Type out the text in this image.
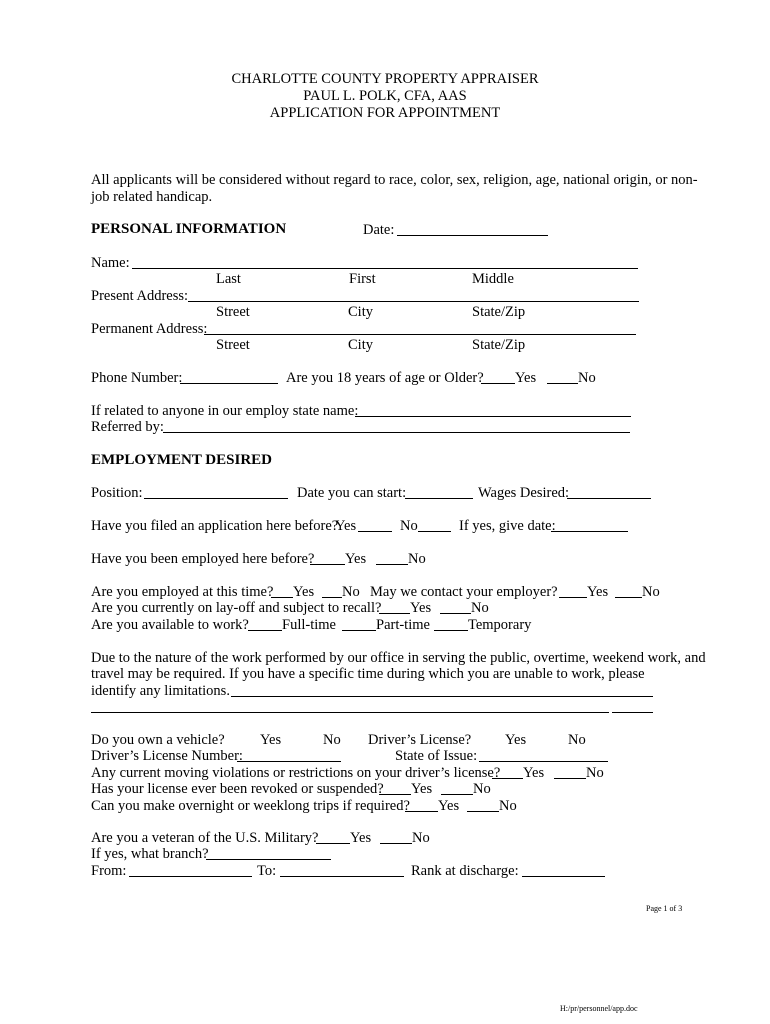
CHARLOTTE COUNTY PROPERTY APPRAISER
PAUL L. POLK, CFA, AAS
APPLICATION FOR APPOINTMENT
All applicants will be considered without regard to race, color, sex, religion, age, national origin, or non-
job related handicap.
PERSONAL INFORMATION	Date:
Name:
Last	First	Middle
Present Address:
Street	City	State/Zip
Permanent Address:
Street	City	State/Zip
Phone Number:	Are you 18 years of age or Older? Yes	No
If related to anyone in our employ state name:
Referred by:
EMPLOYMENT DESIRED
Position:	Date you can start:	Wages Desired:
Have you filed an application here before?
Yes	No	If yes, give date:
Have you been employed here before? Yes	No
Are you employed at this time? Yes No May we contact your employer? Yes No
Are you currently on lay-off and subject to recall? Yes	No
Are you available to work? Full-time	Part-time	Temporary
Due to the nature of the work performed by our office in serving the public, overtime, weekend work, and
travel may be required. If you have a specific time during which you are unable to work, please
identify any limitations.
Do you own a vehicle? Yes	No Driver’s License? Yes	No
Driver’s License Number:	State of Issue:
Any current moving violations or restrictions on your driver’s license? Yes	No
Has your license ever been revoked or suspended? Yes	No
Can you make overnight or weeklong trips if required? Yes	No
Are you a veteran of the U.S. Military? Yes	No
If yes, what branch?
From:	To:	Rank at discharge:
Page 1 of 3
H:/pr/personnel/app.doc
